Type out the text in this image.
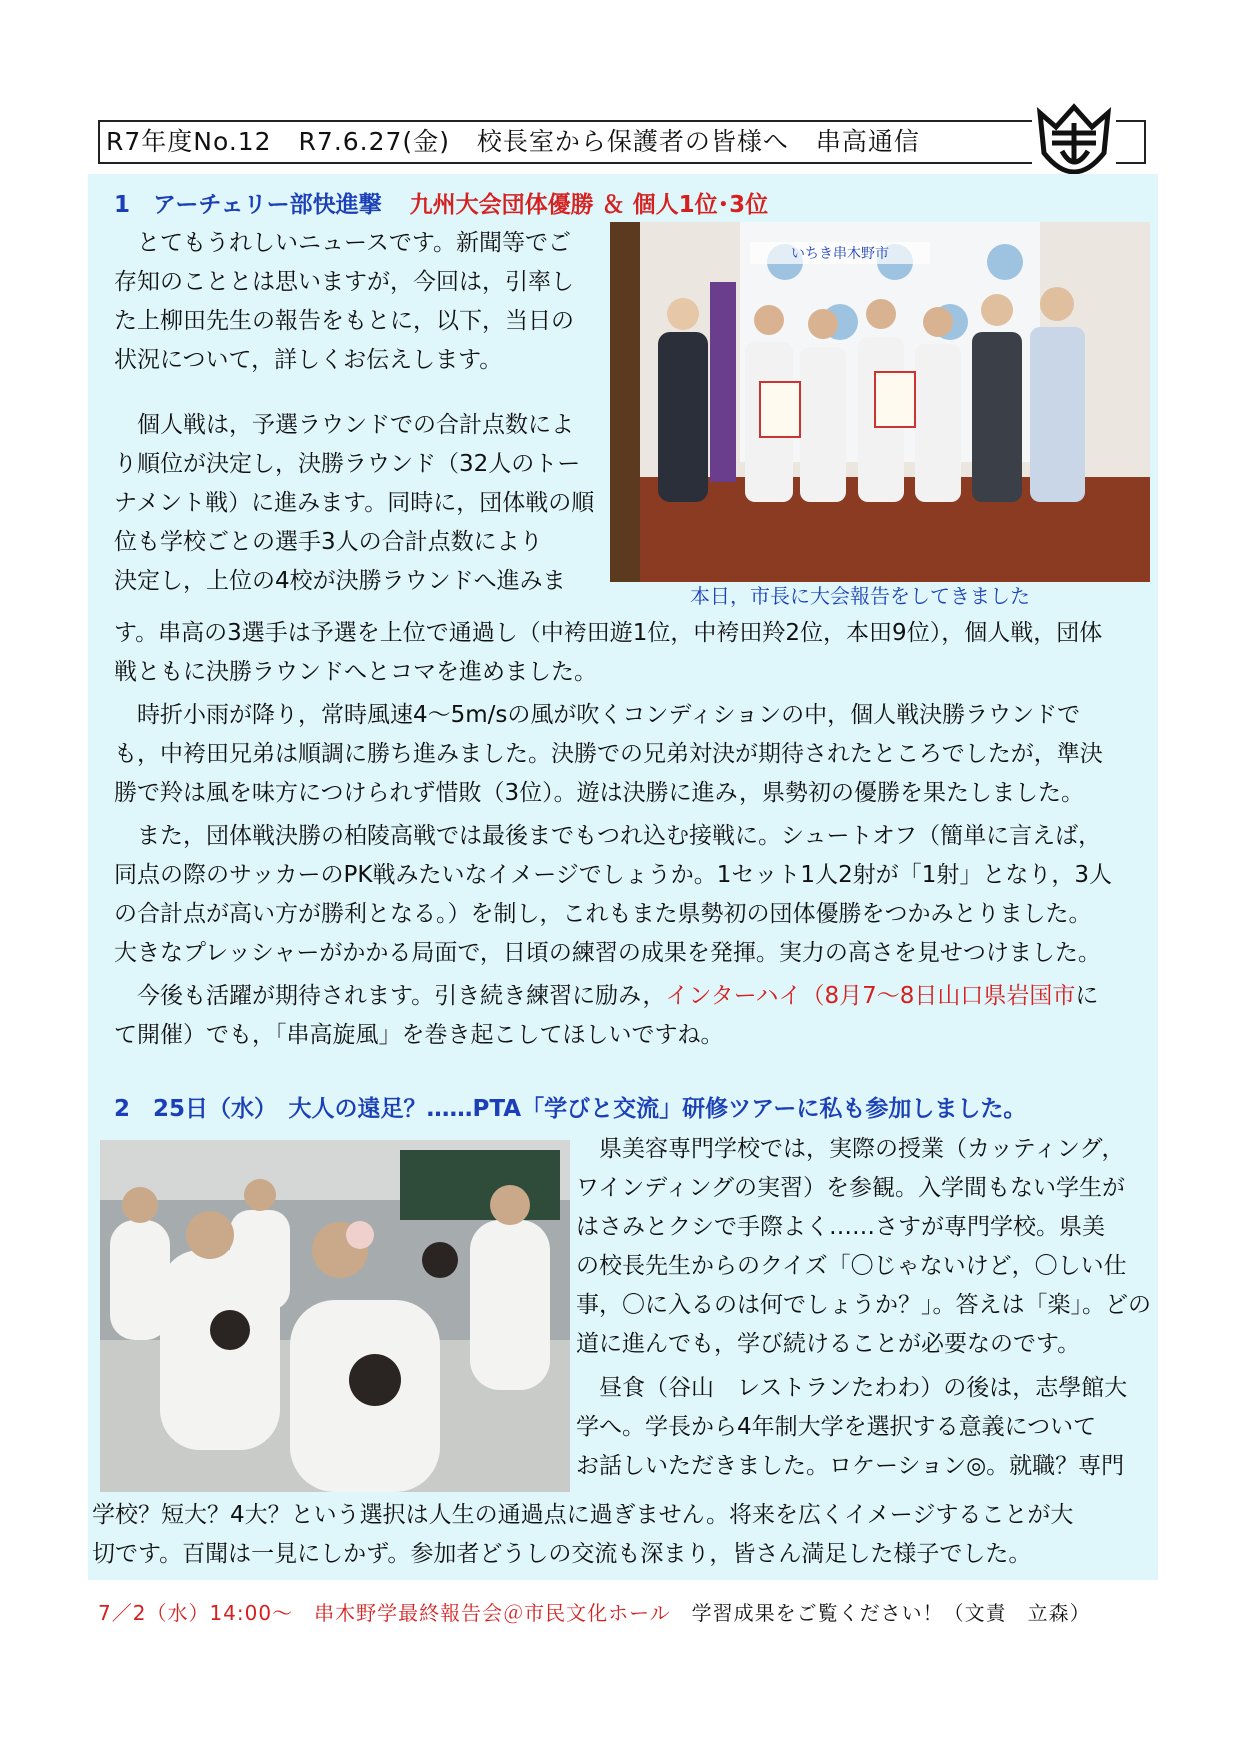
R7年度No.12 R7.6.27(金) 校長室から保護者の皆様へ 串高通信
1　アーチェリー部快進撃 九州大会団体優勝 ＆ 個人1位･3位
いちき串木野市
本日，市長に大会報告をしてきました
　とてもうれしいニュースです。新聞等でご
存知のこととは思いますが，今回は，引率し
た上柳田先生の報告をもとに，以下，当日の
状況について，詳しくお伝えします。
　個人戦は，予選ラウンドでの合計点数によ
り順位が決定し，決勝ラウンド（32人のトー
ナメント戦）に進みます。同時に，団体戦の順
位も学校ごとの選手3人の合計点数により
決定し，上位の4校が決勝ラウンドへ進みま
す。串高の3選手は予選を上位で通過し（中袴田遊1位，中袴田羚2位，本田9位），個人戦，団体
戦ともに決勝ラウンドへとコマを進めました。
　時折小雨が降り，常時風速4～5m/sの風が吹くコンディションの中，個人戦決勝ラウンドで
も，中袴田兄弟は順調に勝ち進みました。決勝での兄弟対決が期待されたところでしたが，準決
勝で羚は風を味方につけられず惜敗（3位）。遊は決勝に進み，県勢初の優勝を果たしました。
　また，団体戦決勝の柏陵高戦では最後までもつれ込む接戦に。シュートオフ（簡単に言えば，
同点の際のサッカーのPK戦みたいなイメージでしょうか。1セット1人2射が「1射」となり，3人
の合計点が高い方が勝利となる。）を制し，これもまた県勢初の団体優勝をつかみとりました。
大きなプレッシャーがかかる局面で，日頃の練習の成果を発揮。実力の高さを見せつけました。
　今後も活躍が期待されます。引き続き練習に励み，インターハイ（8月7～8日山口県岩国市に
て開催）でも，「串高旋風」を巻き起こしてほしいですね。
2　25日（水）　大人の遠足？……PTA「学びと交流」研修ツアーに私も参加しました。
　県美容専門学校では，実際の授業（カッティング，
ワインディングの実習）を参観。入学間もない学生が
はさみとクシで手際よく……さすが専門学校。県美
の校長先生からのクイズ「〇じゃないけど，〇しい仕
事，〇に入るのは何でしょうか？」。答えは「楽」。どの
道に進んでも，学び続けることが必要なのです。
　昼食（谷山　レストランたわわ）の後は，志學館大
学へ。学長から4年制大学を選択する意義について
お話しいただきました。ロケーション◎。就職？専門
学校？短大？4大？という選択は人生の通過点に過ぎません。将来を広くイメージすることが大
切です。百聞は一見にしかず。参加者どうしの交流も深まり，皆さん満足した様子でした。
7／2（水）14:00～　串木野学最終報告会＠市民文化ホール　学習成果をご覧ください！（文責　立森）
